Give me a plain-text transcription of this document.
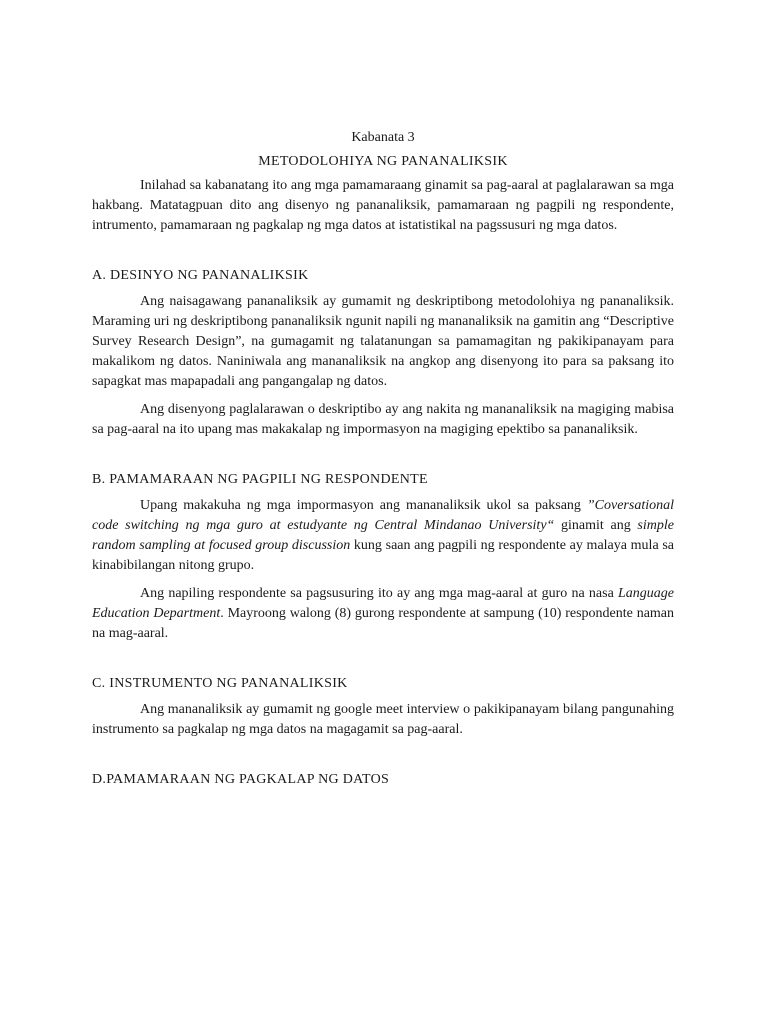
Kabanata 3
METODOLOHIYA NG PANANALIKSIK

Inilahad sa kabanatang ito ang mga pamamaraang ginamit sa pag-aaral at paglalarawan sa mga hakbang. Matatagpuan dito ang disenyo ng pananaliksik, pamamaraan ng pagpili ng respondente, intrumento, pamamaraan ng pagkalap ng mga datos at istatistikal na pagssusuri ng mga datos.

A. DESINYO NG PANANALIKSIK

Ang naisagawang pananaliksik ay gumamit ng deskriptibong metodolohiya ng pananaliksik. Maraming uri ng deskriptibong pananaliksik ngunit napili ng mananaliksik na gamitin ang “Descriptive Survey Research Design”, na gumagamit ng talatanungan sa pamamagitan ng pakikipanayam para makalikom ng datos. Naniniwala ang mananaliksik na angkop ang disenyong ito para sa paksang ito sapagkat mas mapapadali ang pangangalap ng datos.

Ang disenyong paglalarawan o deskriptibo ay ang nakita ng mananaliksik na magiging mabisa sa pag-aaral na ito upang mas makakalap ng impormasyon na magiging epektibo sa pananaliksik.

B. PAMAMARAAN NG PAGPILI NG RESPONDENTE

Upang makakuha ng mga impormasyon ang mananaliksik ukol sa paksang ”Coversational code switching ng mga guro at estudyante ng Central Mindanao University“ ginamit ang simple random sampling at focused group discussion kung saan ang pagpili ng respondente ay malaya mula sa kinabibilangan nitong grupo.

Ang napiling respondente sa pagsusuring ito ay ang mga mag-aaral at guro na nasa Language Education Department. Mayroong walong (8) gurong respondente at sampung (10) respondente naman na mag-aaral.

C. INSTRUMENTO NG PANANALIKSIK

Ang mananaliksik ay gumamit ng google meet interview o pakikipanayam bilang pangunahing instrumento sa pagkalap ng mga datos na magagamit sa pag-aaral.

D.PAMAMARAAN NG PAGKALAP NG DATOS
